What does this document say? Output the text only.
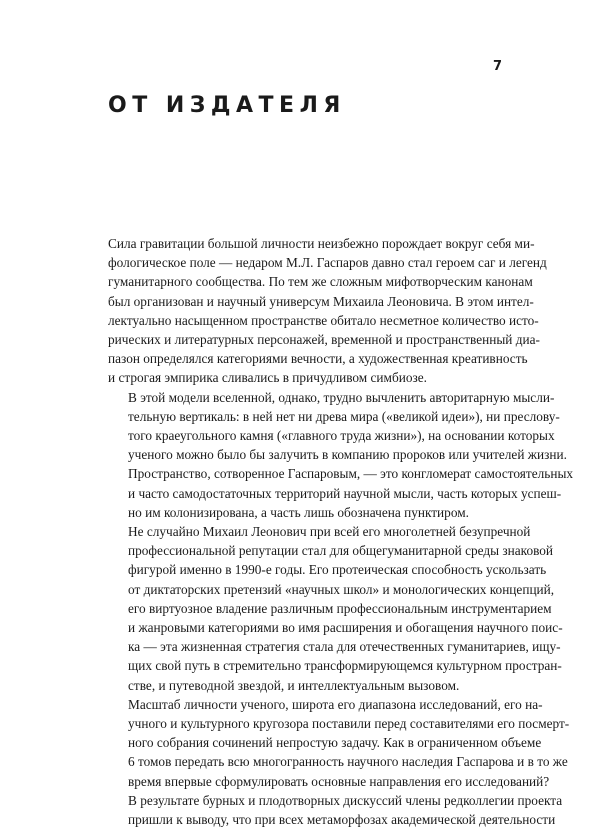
7
ОТ ИЗДАТЕЛЯ

Сила гравитации большой личности неизбежно порождает вокруг себя ми-
фологическое поле — недаром М.Л. Гаспаров давно стал героем саг и легенд
гуманитарного сообщества. По тем же сложным мифотворческим канонам
был организован и научный универсум Михаила Леоновича. В этом интел-
лектуально насыщенном пространстве обитало несметное количество исто-
рических и литературных персонажей, временной и пространственный диа-
пазон определялся категориями вечности, а художественная креативность
и строгая эмпирика сливались в причудливом симбиозе.

В этой модели вселенной, однако, трудно вычленить авторитарную мысли-
тельную вертикаль: в ней нет ни древа мира («великой идеи»), ни преслову-
того краеугольного камня («главного труда жизни»), на основании которых
ученого можно было бы залучить в компанию пророков или учителей жизни.
Пространство, сотворенное Гаспаровым, — это конгломерат самостоятельных
и часто самодостаточных территорий научной мысли, часть которых успеш-
но им колонизирована, а часть лишь обозначена пунктиром.

Не случайно Михаил Леонович при всей его многолетней безупречной
профессиональной репутации стал для общегуманитарной среды знаковой
фигурой именно в 1990-е годы. Его протеическая способность ускользать
от диктаторских претензий «научных школ» и монологических концепций,
его виртуозное владение различным профессиональным инструментарием
и жанровыми категориями во имя расширения и обогащения научного поис-
ка — эта жизненная стратегия стала для отечественных гуманитариев, ищу-
щих свой путь в стремительно трансформирующемся культурном простран-
стве, и путеводной звездой, и интеллектуальным вызовом.

Масштаб личности ученого, широта его диапазона исследований, его на-
учного и культурного кругозора поставили перед составителями его посмерт-
ного собрания сочинений непростую задачу. Как в ограниченном объеме
6 томов передать всю многогранность научного наследия Гаспарова и в то же
время впервые сформулировать основные направления его исследований?
В результате бурных и плодотворных дискуссий члены редколлегии проекта
пришли к выводу, что при всех метаморфозах академической деятельности
